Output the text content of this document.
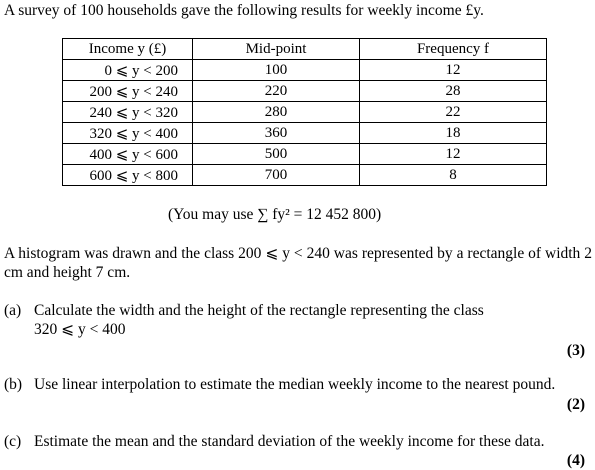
A survey of 100 households gave the following results for weekly income £y.
Income y (£)	Mid-point	Frequency f
0 ⩽ y < 200	100	12
200 ⩽ y < 240	220	28
240 ⩽ y < 320	280	22
320 ⩽ y < 400	360	18
400 ⩽ y < 600	500	12
600 ⩽ y < 800	700	8
(You may use ∑ fy² = 12 452 800)
A histogram was drawn and the class 200 ⩽ y < 240 was represented by a rectangle of width 2 cm and height 7 cm.
(a) Calculate the width and the height of the rectangle representing the class
320 ⩽ y < 400
(3)
(b) Use linear interpolation to estimate the median weekly income to the nearest pound.
(2)
(c) Estimate the mean and the standard deviation of the weekly income for these data.
(4)
